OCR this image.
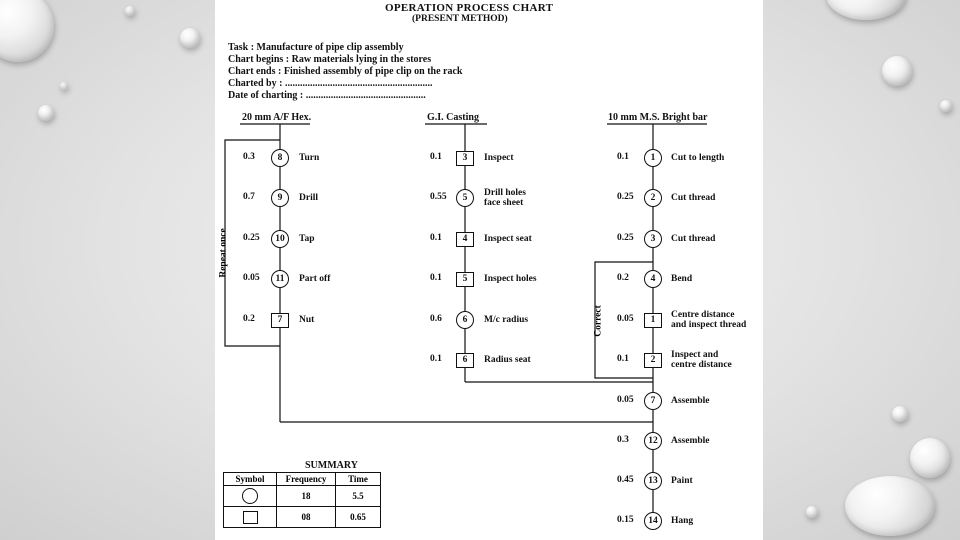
OPERATION PROCESS CHART
(PRESENT METHOD)
Task : Manufacture of pipe clip assembly
Chart begins : Raw materials lying in the stores
Chart ends : Finished assembly of pipe clip on the rack
Charted by : ...........................................................
Date of charting : ................................................
20 mm A/F Hex.	G.I. Casting	10 mm M.S. Bright bar
Repeat once
Correct
0.3	8	Turn
0.7	9	Drill
0.25	10	Tap
0.05	11	Part off
0.2	7	Nut
0.1	3	Inspect
0.55	5	Drill holes
face sheet
0.1	4	Inspect seat
0.1	5	Inspect holes
0.6	6	M/c radius
0.1	6	Radius seat
0.1	1	Cut to length
0.25	2	Cut thread
0.25	3	Cut thread
0.2	4	Bend
0.05	1	Centre distance
and inspect thread
0.1	2	Inspect and
centre distance
0.05	7	Assemble
0.3	12	Assemble
0.45	13	Paint
0.15	14	Hang
SUMMARY
Symbol	Frequency	Time
	18	5.5
	08	0.65
